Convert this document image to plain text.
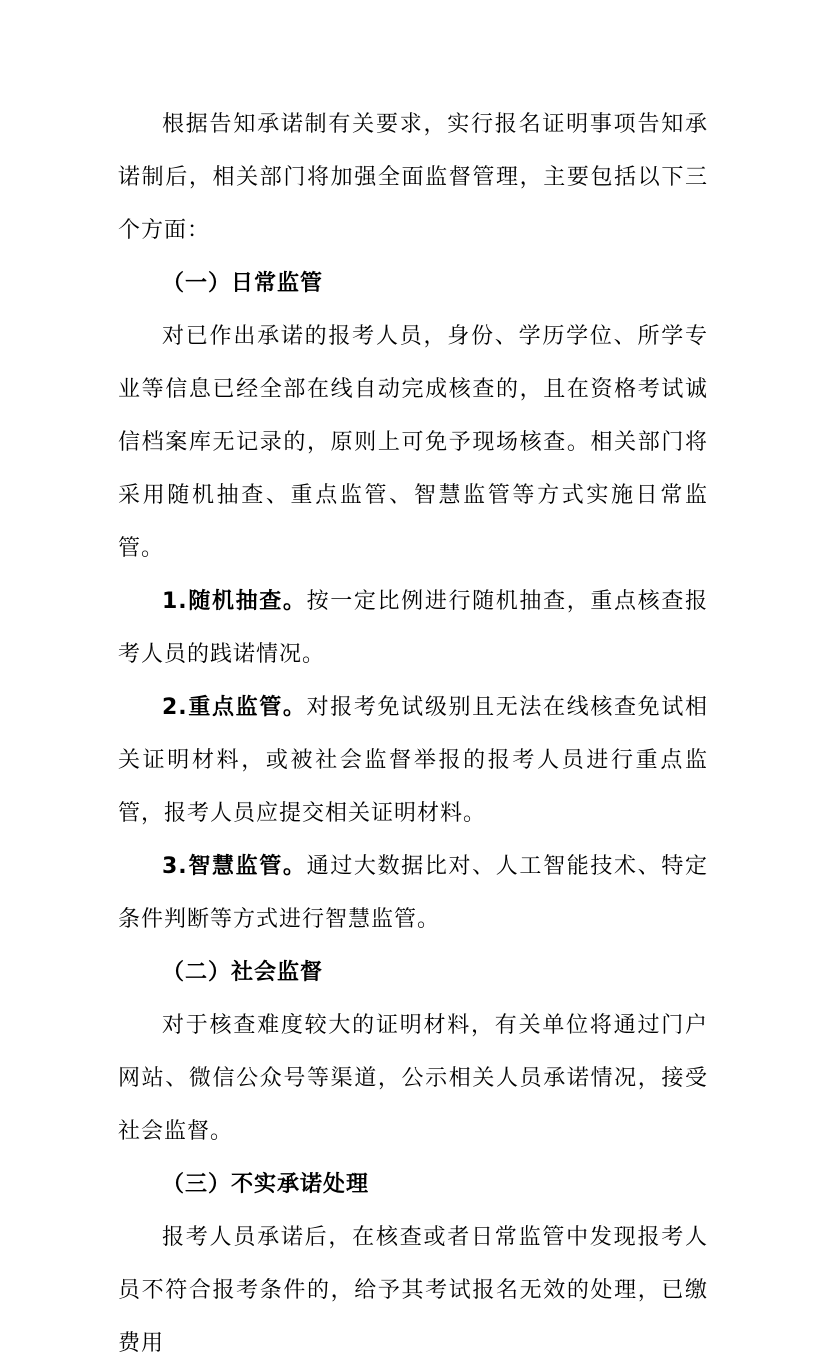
根据告知承诺制有关要求，实行报名证明事项告知承诺制后，相关部门将加强全面监督管理，主要包括以下三个方面：

（一）日常监管

对已作出承诺的报考人员，身份、学历学位、所学专业等信息已经全部在线自动完成核查的，且在资格考试诚信档案库无记录的，原则上可免予现场核查。相关部门将采用随机抽查、重点监管、智慧监管等方式实施日常监管。

1.随机抽查。按一定比例进行随机抽查，重点核查报考人员的践诺情况。

2.重点监管。对报考免试级别且无法在线核查免试相关证明材料，或被社会监督举报的报考人员进行重点监管，报考人员应提交相关证明材料。

3.智慧监管。通过大数据比对、人工智能技术、特定条件判断等方式进行智慧监管。

（二）社会监督

对于核查难度较大的证明材料，有关单位将通过门户网站、微信公众号等渠道，公示相关人员承诺情况，接受社会监督。

（三）不实承诺处理

报考人员承诺后，在核查或者日常监管中发现报考人员不符合报考条件的，给予其考试报名无效的处理，已缴费用
